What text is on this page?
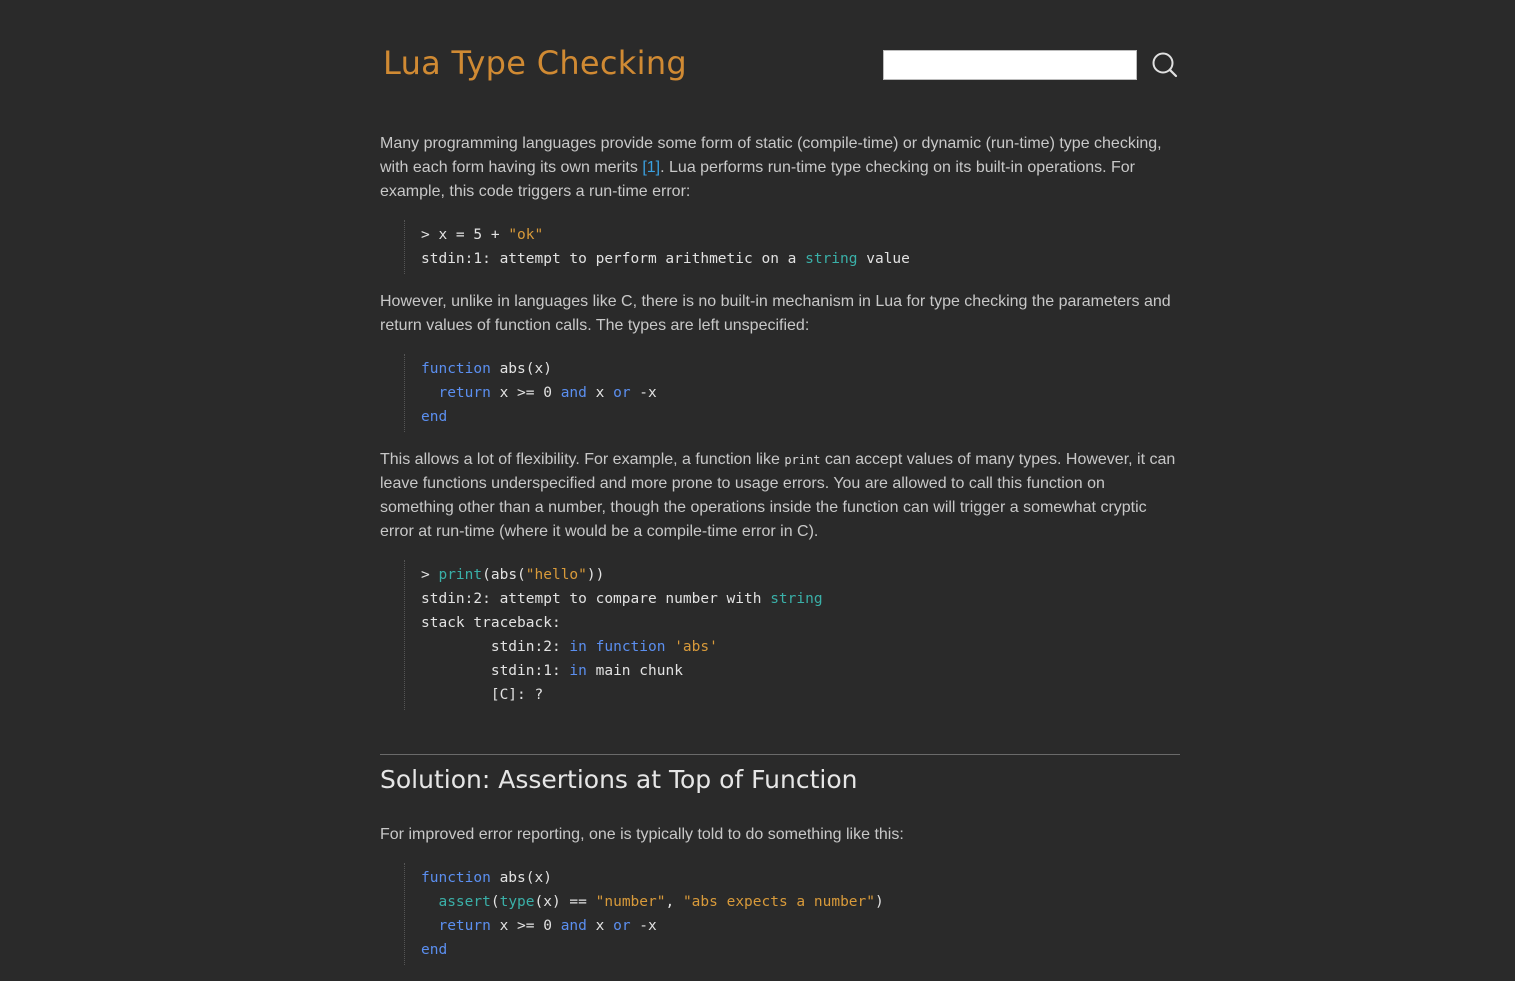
Lua Type Checking

Many programming languages provide some form of static (compile-time) or dynamic (run-time) type checking, with each form having its own merits [1]. Lua performs run-time type checking on its built-in operations. For example, this code triggers a run-time error:

> x = 5 + "ok"
stdin:1: attempt to perform arithmetic on a string value

However, unlike in languages like C, there is no built-in mechanism in Lua for type checking the parameters and return values of function calls. The types are left unspecified:

function abs(x)
return x >= 0 and x or -x
end

This allows a lot of flexibility. For example, a function like print can accept values of many types. However, it can leave functions underspecified and more prone to usage errors. You are allowed to call this function on something other than a number, though the operations inside the function can will trigger a somewhat cryptic error at run-time (where it would be a compile-time error in C).

> print(abs("hello"))
stdin:2: attempt to compare number with string
stack traceback:
stdin:2: in function 'abs'
stdin:1: in main chunk
[C]: ?
Solution: Assertions at Top of Function

For improved error reporting, one is typically told to do something like this:

function abs(x)
assert(type(x) == "number", "abs expects a number")
return x >= 0 and x or -x
end
